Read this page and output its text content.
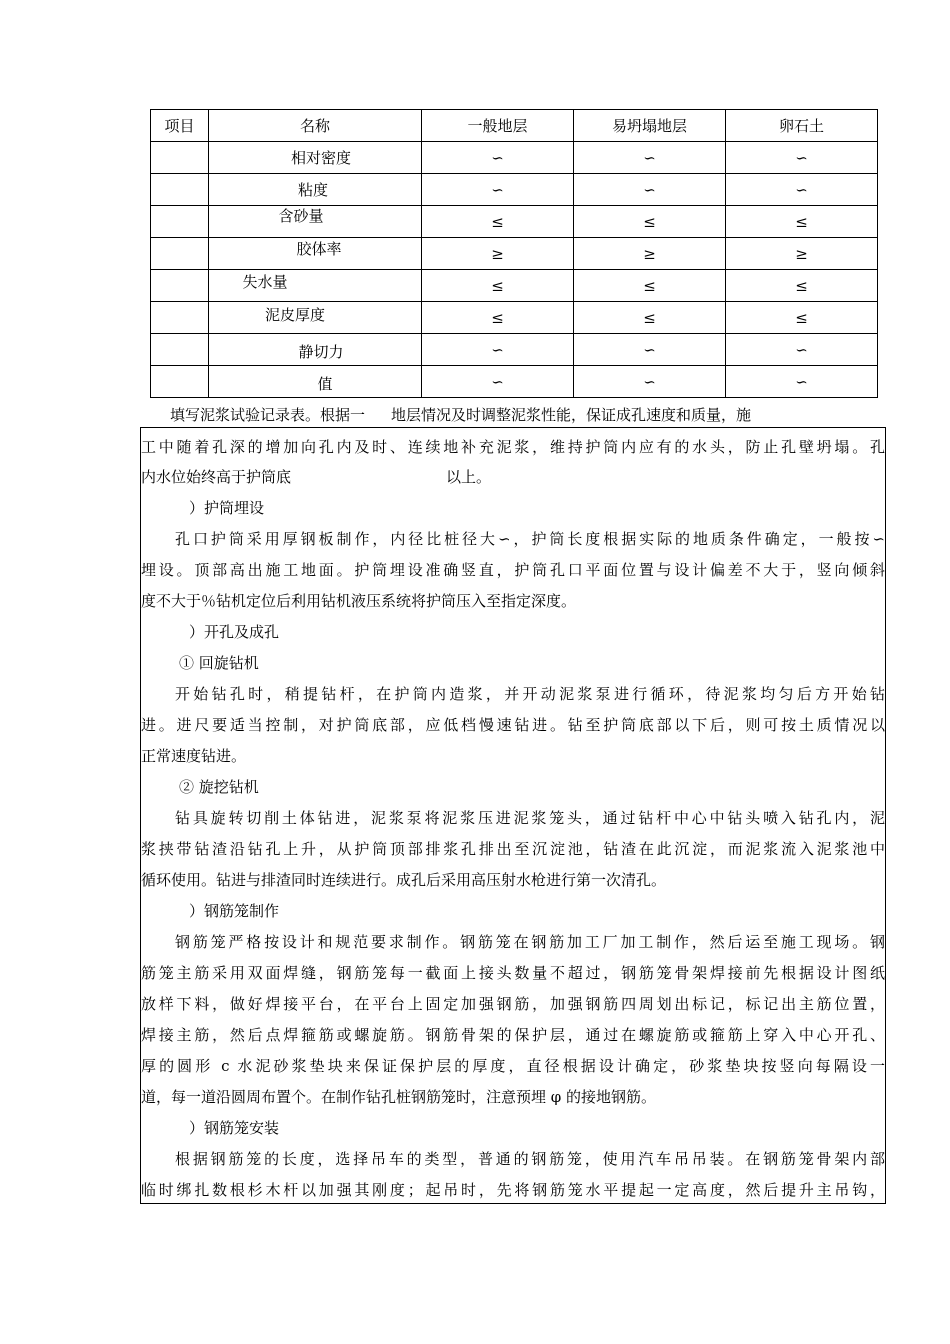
项目	名称	一般地层	易坍塌地层	卵石土
	相对密度	∽	∽	∽
	粘度	∽	∽	∽
	含砂量	≤	≤	≤
	胶体率	≥	≥	≥
	失水量	≤	≤	≤
	泥皮厚度	≤	≤	≤
	静切力	∽	∽	∽
	值	∽	∽	∽
填写泥浆试验记录表。根据一 地层情况及时调整泥浆性能，保证成孔速度和质量，施
工中随着孔深的增加向孔内及时、连续地补充泥浆，维持护筒内应有的水头，防止孔壁坍塌。孔
内水位始终高于护筒底	以上。
）护筒埋设
孔口护筒采用厚钢板制作，内径比桩径大∽，护筒长度根据实际的地质条件确定，一般按∽
埋设。顶部高出施工地面。护筒埋设准确竖直，护筒孔口平面位置与设计偏差不大于，竖向倾斜
度不大于％钻机定位后利用钻机液压系统将护筒压入至指定深度。
）开孔及成孔
① 回旋钻机
开始钻孔时，稍提钻杆，在护筒内造浆，并开动泥浆泵进行循环，待泥浆均匀后方开始钻
进。进尺要适当控制，对护筒底部，应低档慢速钻进。钻至护筒底部以下后，则可按土质情况以
正常速度钻进。
② 旋挖钻机
钻具旋转切削土体钻进，泥浆泵将泥浆压进泥浆笼头，通过钻杆中心中钻头喷入钻孔内，泥
浆挟带钻渣沿钻孔上升，从护筒顶部排浆孔排出至沉淀池，钻渣在此沉淀，而泥浆流入泥浆池中
循环使用。钻进与排渣同时连续进行。成孔后采用高压射水枪进行第一次清孔。
）钢筋笼制作
钢筋笼严格按设计和规范要求制作。钢筋笼在钢筋加工厂加工制作，然后运至施工现场。钢
筋笼主筋采用双面焊缝，钢筋笼每一截面上接头数量不超过，钢筋笼骨架焊接前先根据设计图纸
放样下料，做好焊接平台，在平台上固定加强钢筋，加强钢筋四周划出标记，标记出主筋位置，
焊接主筋，然后点焊箍筋或螺旋筋。钢筋骨架的保护层，通过在螺旋筋或箍筋上穿入中心开孔、
厚的圆形 c 水泥砂浆垫块来保证保护层的厚度，直径根据设计确定，砂浆垫块按竖向每隔设一
道，每一道沿圆周布置个。在制作钻孔桩钢筋笼时，注意预埋 φ 的接地钢筋。
）钢筋笼安装
根据钢筋笼的长度，选择吊车的类型，普通的钢筋笼，使用汽车吊吊装。在钢筋笼骨架内部
临时绑扎数根杉木杆以加强其刚度；起吊时，先将钢筋笼水平提起一定高度，然后提升主吊钩，
